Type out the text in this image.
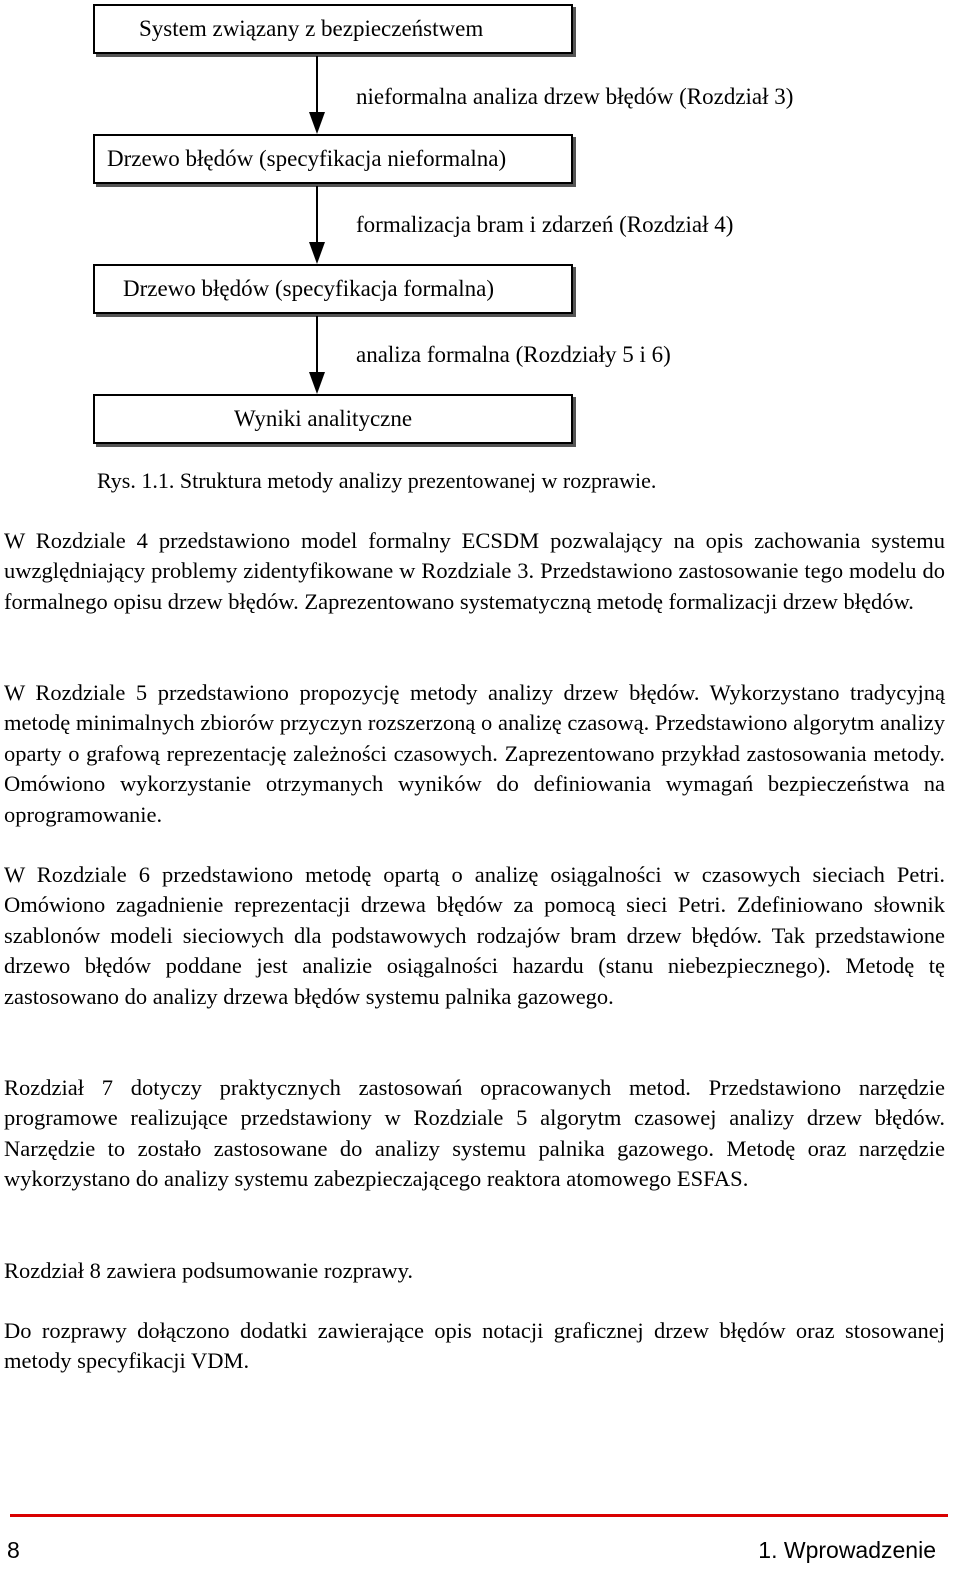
System związany z bezpieczeństwem
nieformalna analiza drzew błędów (Rozdział 3)
Drzewo błędów (specyfikacja nieformalna)
formalizacja bram i zdarzeń (Rozdział 4)
Drzewo błędów (specyfikacja formalna)
analiza formalna (Rozdziały 5 i 6)
Wyniki analityczne
Rys. 1.1. Struktura metody analizy prezentowanej w rozprawie.

W Rozdziale 4 przedstawiono model formalny ECSDM pozwalający na opis zachowania systemu uwzględniający problemy zidentyfikowane w Rozdziale 3. Przedstawiono zastosowanie tego modelu do formalnego opisu drzew błędów. Zaprezentowano systematyczną metodę formalizacji drzew błędów.

W Rozdziale 5 przedstawiono propozycję metody analizy drzew błędów. Wykorzystano tradycyjną metodę minimalnych zbiorów przyczyn rozszerzoną o analizę czasową. Przedstawiono algorytm analizy oparty o grafową reprezentację zależności czasowych. Zaprezentowano przykład zastosowania metody. Omówiono wykorzystanie otrzymanych wyników do definiowania wymagań bezpieczeństwa na oprogramowanie.

W Rozdziale 6 przedstawiono metodę opartą o analizę osiągalności w czasowych sieciach Petri. Omówiono zagadnienie reprezentacji drzewa błędów za pomocą sieci Petri. Zdefiniowano słownik szablonów modeli sieciowych dla podstawowych rodzajów bram drzew błędów. Tak przedstawione drzewo błędów poddane jest analizie osiągalności hazardu (stanu niebezpiecznego). Metodę tę zastosowano do analizy drzewa błędów systemu palnika gazowego.

Rozdział 7 dotyczy praktycznych zastosowań opracowanych metod. Przedstawiono narzędzie programowe realizujące przedstawiony w Rozdziale 5 algorytm czasowej analizy drzew błędów. Narzędzie to zostało zastosowane do analizy systemu palnika gazowego. Metodę oraz narzędzie wykorzystano do analizy systemu zabezpieczającego reaktora atomowego ESFAS.

Rozdział 8 zawiera podsumowanie rozprawy.

Do rozprawy dołączono dodatki zawierające opis notacji graficznej drzew błędów oraz stosowanej metody specyfikacji VDM.

8	1. Wprowadzenie
